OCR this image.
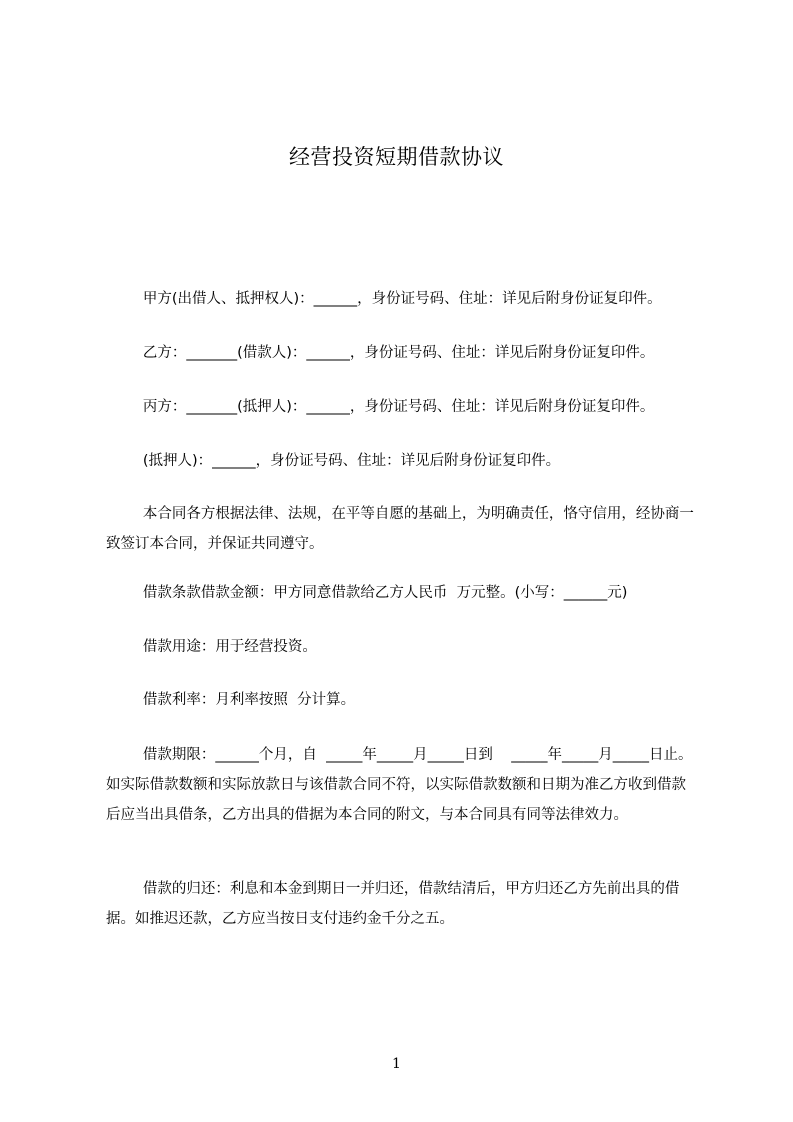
经营投资短期借款协议
甲方(出借人、抵押权人)：______，身份证号码、住址：详见后附身份证复印件。
乙方：_______(借款人)：______，身份证号码、住址：详见后附身份证复印件。
丙方：_______(抵押人)：______，身份证号码、住址：详见后附身份证复印件。
(抵押人)：______，身份证号码、住址：详见后附身份证复印件。
本合同各方根据法律、法规，在平等自愿的基础上，为明确责任，恪守信用，经协商一致签订本合同，并保证共同遵守。
借款条款借款金额：甲方同意借款给乙方人民币  万元整。(小写：______元)
借款用途：用于经营投资。
借款利率：月利率按照  分计算。
借款期限：______个月，自  _____年_____月_____日到    _____年_____月_____日止。如实际借款数额和实际放款日与该借款合同不符，以实际借款数额和日期为准乙方收到借款后应当出具借条，乙方出具的借据为本合同的附文，与本合同具有同等法律效力。
借款的归还：利息和本金到期日一并归还，借款结清后，甲方归还乙方先前出具的借据。如推迟还款，乙方应当按日支付违约金千分之五。
1
